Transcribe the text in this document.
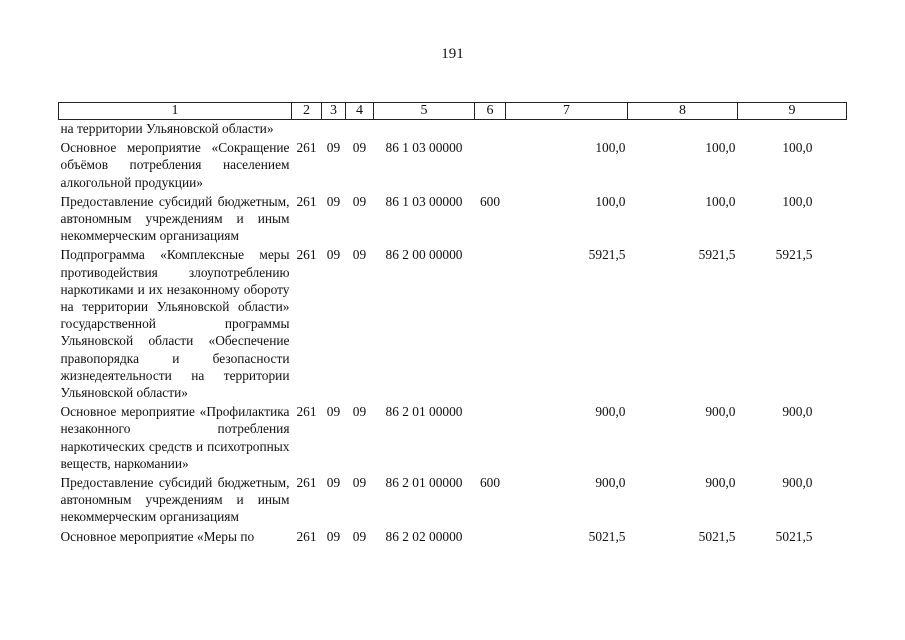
191
1	2	3	4	5	6	7	8	9
на территории Ульяновской области»								
Основное мероприятие «Сокращение объёмов потребления населением алкогольной продукции»	261	09	09	86 1 03 00000		100,0	100,0	100,0
Предоставление субсидий бюджетным, автономным учреждениям и иным некоммерческим организациям	261	09	09	86 1 03 00000	600	100,0	100,0	100,0
Подпрограмма «Комплексные меры противодействия злоупотреблению наркотиками и их незаконному обороту на территории Ульяновской области» государственной программы Ульяновской области «Обеспечение правопорядка и безопасности жизнедеятельности на территории Ульяновской области»	261	09	09	86 2 00 00000		5921,5	5921,5	5921,5
Основное мероприятие «Профилактика незаконного потребления наркотических средств и психотропных веществ, наркомании»	261	09	09	86 2 01 00000		900,0	900,0	900,0
Предоставление субсидий бюджетным, автономным учреждениям и иным некоммерческим организациям	261	09	09	86 2 01 00000	600	900,0	900,0	900,0
Основное мероприятие «Меры по	261	09	09	86 2 02 00000		5021,5	5021,5	5021,5
